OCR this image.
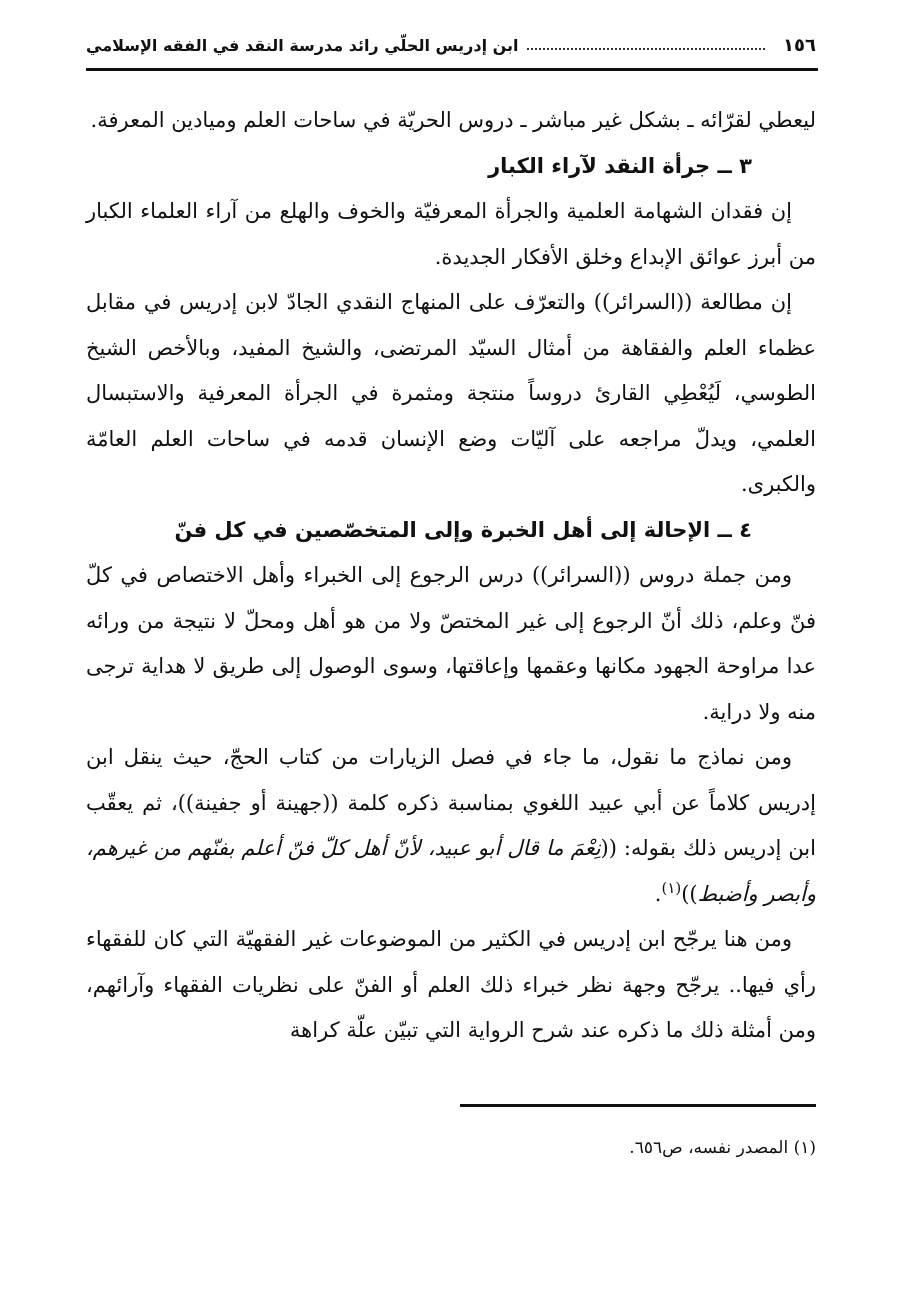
١٥٦
ابن إدريس الحلّي رائد مدرسة النقد في الفقه الإسلامي

ليعطي لقرّائه ـ بشكل غير مباشر ـ دروس الحريّة في ساحات العلم وميادين المعرفة.

٣ ــ جرأة النقد لآراء الكبار

إن فقدان الشهامة العلمية والجرأة المعرفيّة والخوف والهلع من آراء العلماء الكبار من أبرز عوائق الإبداع وخلق الأفكار الجديدة.

إن مطالعة ((السرائر)) والتعرّف على المنهاج النقدي الجادّ لابن إدريس في مقابل عظماء العلم والفقاهة من أمثال السيّد المرتضى، والشيخ المفيد، وبالأخص الشيخ الطوسي، لَيُعْطِي القارئ دروساً منتجة ومثمرة في الجرأة المعرفية والاستبسال العلمي، ويدلّ مراجعه على آليّات وضع الإنسان قدمه في ساحات العلم العامّة والكبرى.

٤ ــ الإحالة إلى أهل الخبرة وإلى المتخصّصين في كل فنّ

ومن جملة دروس ((السرائر)) درس الرجوع إلى الخبراء وأهل الاختصاص في كلّ فنّ وعلم، ذلك أنّ الرجوع إلى غير المختصّ ولا من هو أهل ومحلّ لا نتيجة من ورائه عدا مراوحة الجهود مكانها وعقمها وإعاقتها، وسوى الوصول إلى طريق لا هداية ترجى منه ولا دراية.

ومن نماذج ما نقول، ما جاء في فصل الزيارات من كتاب الحجّ، حيث ينقل ابن إدريس كلاماً عن أبي عبيد اللغوي بمناسبة ذكره كلمة ((جهينة أو جفينة))، ثم يعقّب ابن إدريس ذلك بقوله: ((نِعْمَ ما قال أبو عبيد، لأنّ أهل كلّ فنّ أعلم بفنّهم من غيرهم، وأبصر وأضبط))$^{(١)}$.

ومن هنا يرجّح ابن إدريس في الكثير من الموضوعات غير الفقهيّة التي كان للفقهاء رأي فيها.. يرجّح وجهة نظر خبراء ذلك العلم أو الفنّ على نظريات الفقهاء وآرائهم، ومن أمثلة ذلك ما ذكره عند شرح الرواية التي تبيّن علّة كراهة

(١) المصدر نفسه، ص٦٥٦.
